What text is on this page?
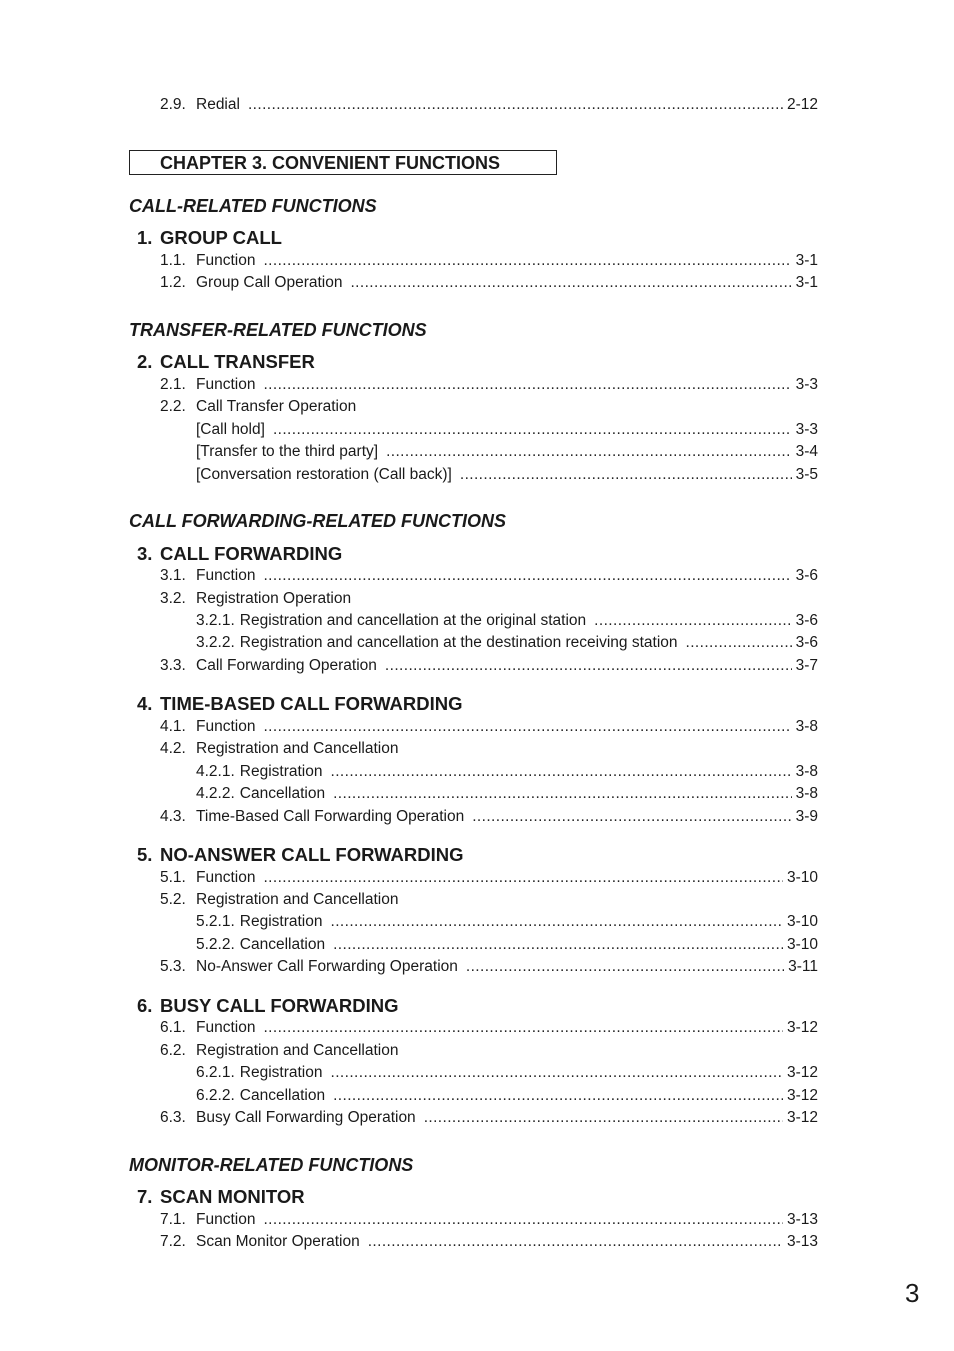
2.9. Redial .....	2-12
CHAPTER 3. CONVENIENT FUNCTIONS
CALL-RELATED FUNCTIONS
1. GROUP CALL
1.1. Function .....	3-1
1.2. Group Call Operation .....	3-1
TRANSFER-RELATED FUNCTIONS
2. CALL TRANSFER
2.1. Function .....	3-3
2.2. Call Transfer Operation
[Call hold] .....	3-3
[Transfer to the third party] .....	3-4
[Conversation restoration (Call back)] .....	3-5
CALL FORWARDING-RELATED FUNCTIONS
3. CALL FORWARDING
3.1. Function .....	3-6
3.2. Registration Operation
3.2.1. Registration and cancellation at the original station .....	3-6
3.2.2. Registration and cancellation at the destination receiving station .....	3-6
3.3. Call Forwarding Operation .....	3-7
4. TIME-BASED CALL FORWARDING
4.1. Function .....	3-8
4.2. Registration and Cancellation
4.2.1. Registration .....	3-8
4.2.2. Cancellation .....	3-8
4.3. Time-Based Call Forwarding Operation .....	3-9
5. NO-ANSWER CALL FORWARDING
5.1. Function .....	3-10
5.2. Registration and Cancellation
5.2.1. Registration .....	3-10
5.2.2. Cancellation .....	3-10
5.3. No-Answer Call Forwarding Operation .....	3-11
6. BUSY CALL FORWARDING
6.1. Function .....	3-12
6.2. Registration and Cancellation
6.2.1. Registration .....	3-12
6.2.2. Cancellation .....	3-12
6.3. Busy Call Forwarding Operation .....	3-12
MONITOR-RELATED FUNCTIONS
7. SCAN MONITOR
7.1. Function .....	3-13
7.2. Scan Monitor Operation .....	3-13
3
